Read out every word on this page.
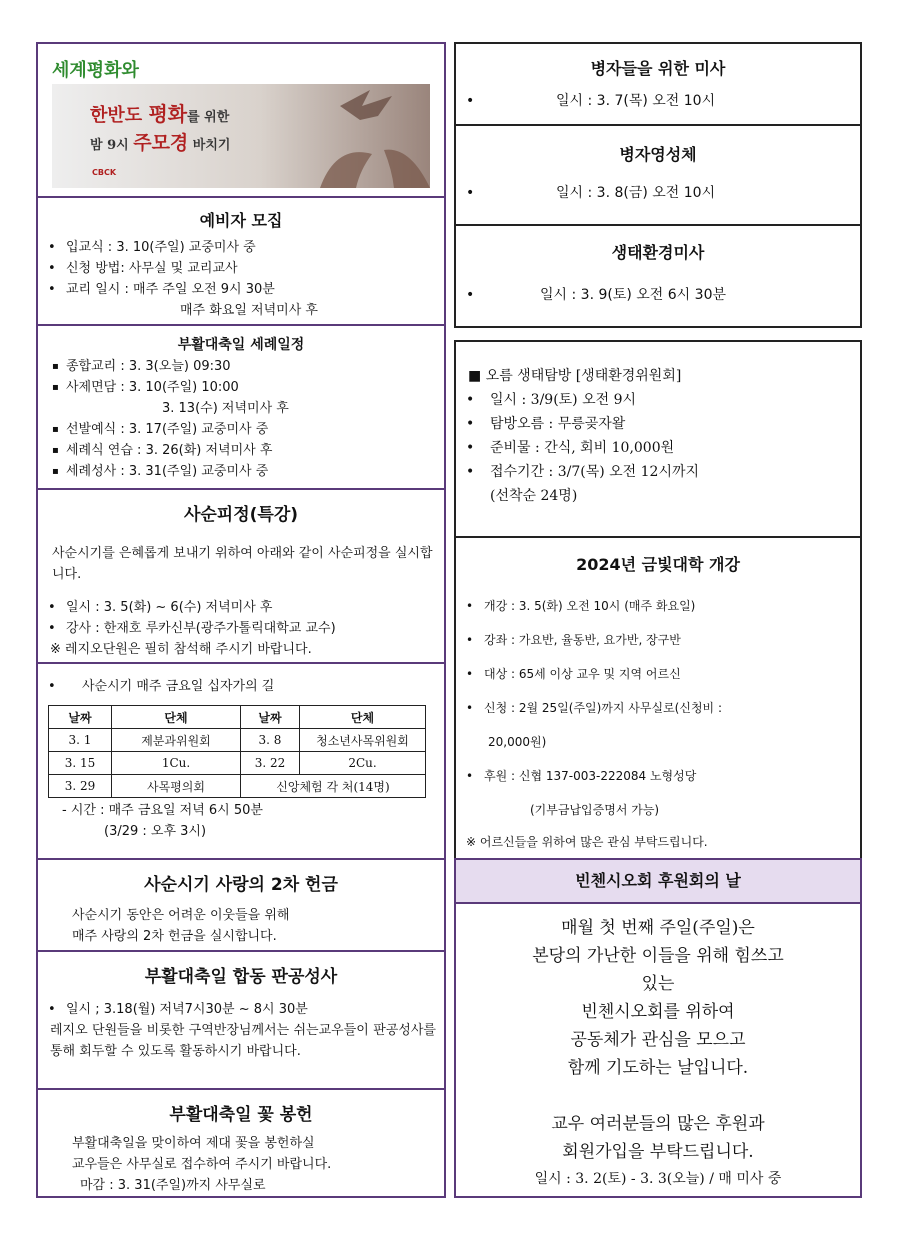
세계평화와
한반도 평화를 위한
밤 9시 주모경 바치기
CBCK
예비자 모집
• 입교식 : 3. 10(주일) 교중미사 중
• 신청 방법: 사무실 및 교리교사
• 교리 일시 : 매주 주일 오전 9시 30분
매주 화요일 저녁미사 후
부활대축일 세례일정
▪ 종합교리 : 3. 3(오늘) 09:30
▪ 사제면담 : 3. 10(주일) 10:00
3. 13(수) 저녁미사 후
▪ 선발예식 : 3. 17(주일) 교중미사 중
▪ 세례식 연습 : 3. 26(화) 저녁미사 후
▪ 세례성사 : 3. 31(주일) 교중미사 중
사순피정(특강)
사순시기를 은혜롭게 보내기 위하여 아래와 같이 사순피정을 실시합니다.
• 일시 : 3. 5(화) ~ 6(수) 저녁미사 후
• 강사 : 한재호 루카신부(광주가톨릭대학교 교수)
※ 레지오단원은 필히 참석해 주시기 바랍니다.
• 사순시기 매주 금요일 십자가의 길
날짜	단체	날짜	단체
3. 1	제분과위원회	3. 8	청소년사목위원회
3. 15	1Cu.	3. 22	2Cu.
3. 29	사목평의회	신앙체험 각 처(14명)	
- 시간 : 매주 금요일 저녁 6시 50분
(3/29 : 오후 3시)
사순시기 사랑의 2차 헌금
사순시기 동안은 어려운 이웃들을 위해
매주 사랑의 2차 헌금을 실시합니다.
부활대축일 합동 판공성사
• 일시 ; 3.18(월) 저녁7시30분 ~ 8시 30분
레지오 단원들을 비롯한 구역반장님께서는 쉬는교우들이 판공성사를 통해 회두할 수 있도록 활동하시기 바랍니다.
부활대축일 꽃 봉헌
부활대축일을 맞이하여 제대 꽃을 봉헌하실
교우들은 사무실로 접수하여 주시기 바랍니다.
마감 : 3. 31(주일)까지 사무실로
병자들을 위한 미사
• 일시 : 3. 7(목) 오전 10시
병자영성체
• 일시 : 3. 8(금) 오전 10시
생태환경미사
• 일시 : 3. 9(토) 오전 6시 30분
■ 오름 생태탐방 [생태환경위원회]
• 일시 : 3/9(토) 오전 9시
• 탐방오름 : 무릉곶자왈
• 준비물 : 간식, 회비 10,000원
• 접수기간 : 3/7(목) 오전 12시까지
(선착순 24명)
2024년 금빛대학 개강
• 개강 : 3. 5(화) 오전 10시 (매주 화요일)
• 강좌 : 가요반, 율동반, 요가반, 장구반
• 대상 : 65세 이상 교우 및 지역 어르신
• 신청 : 2월 25일(주일)까지 사무실로(신청비 :
20,000원)
• 후원 : 신협 137-003-222084 노형성당
(기부금납입증명서 가능)
※ 어르신들을 위하여 많은 관심 부탁드립니다.
빈첸시오회 후원회의 날
매월 첫 번째 주일(주일)은
본당의 가난한 이들을 위해 힘쓰고
있는
빈첸시오회를 위하여
공동체가 관심을 모으고
함께 기도하는 날입니다.
교우 여러분들의 많은 후원과
회원가입을 부탁드립니다.
일시 : 3. 2(토) - 3. 3(오늘) / 매 미사 중
